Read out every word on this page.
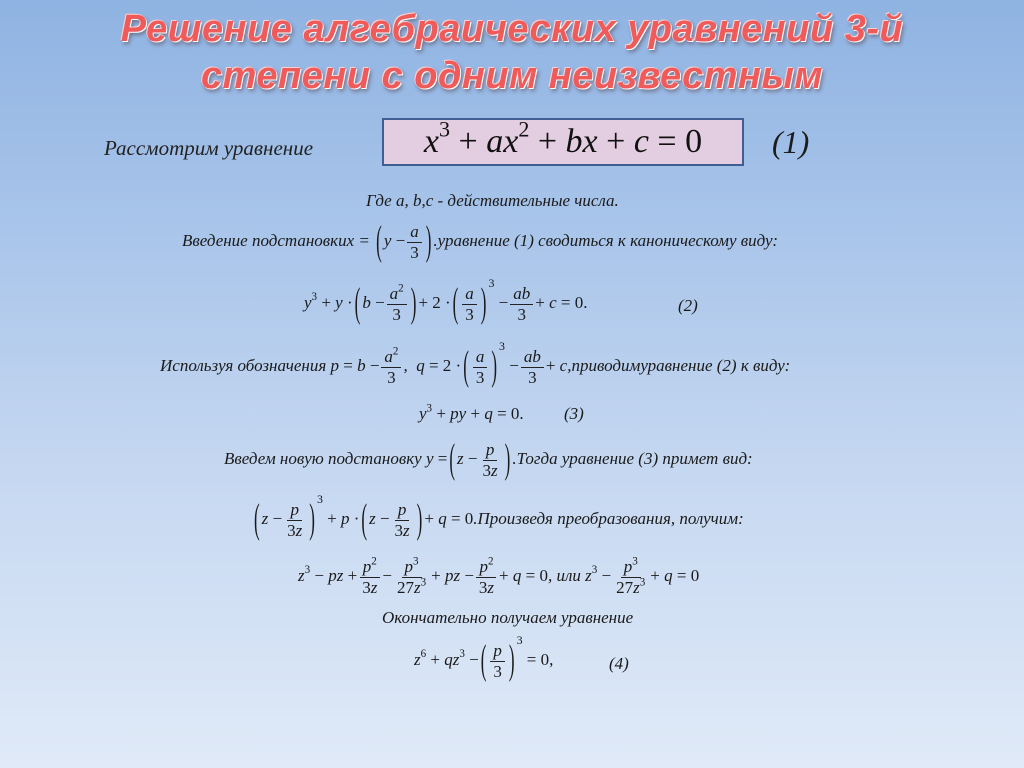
Решение алгебраических уравнений 3-й
степени с одним неизвестным
Рассмотрим уравнение	$x^3 + ax^2$ + bx + c = 0 (1)
Где a, b,c - действительные числа.
Введение подстановких = ( $y - \frac{a}{3}$ ) .уравнение (1) сводиться к каноническому виду:
$y^3 + y$ · ( $b - \frac{a^2}{3}$ ) + 2 · ( $\frac{a}{3}$ ) $3 - \frac{ab}{3} + c = 0$.	(2)
Используя обозначения $p = b - \frac{a^2}{3}$ ,  q = 2 · ( $\frac{a}{3}$ ) $3 - \frac{ab}{3}$ + c,приводимуравнение (2) к виду:
$y^3$ + py + q = 0. (3)
Введем новую подстановку y = ( $z - \frac{p}{3z}$ ) .Тогда уравнение (3) примет вид:
( $z - \frac{p}{3z}$ ) 3 + p · ( $z - \frac{p}{3z}$ ) + q = 0.Произведя преобразования, получим:
$z^3$ − pz + $\frac{p^2}{3z} - \frac{p^3}{27z^3}$ + pz − $\frac{p^2}{3z} + q = 0$, или $z^3 - \frac{p^3}{27z^3} + q = 0$
Окончательно получаем уравнение
$z^6 + qz^3$ − ( $\frac{p}{3}$ ) 3 = 0,	(4)
